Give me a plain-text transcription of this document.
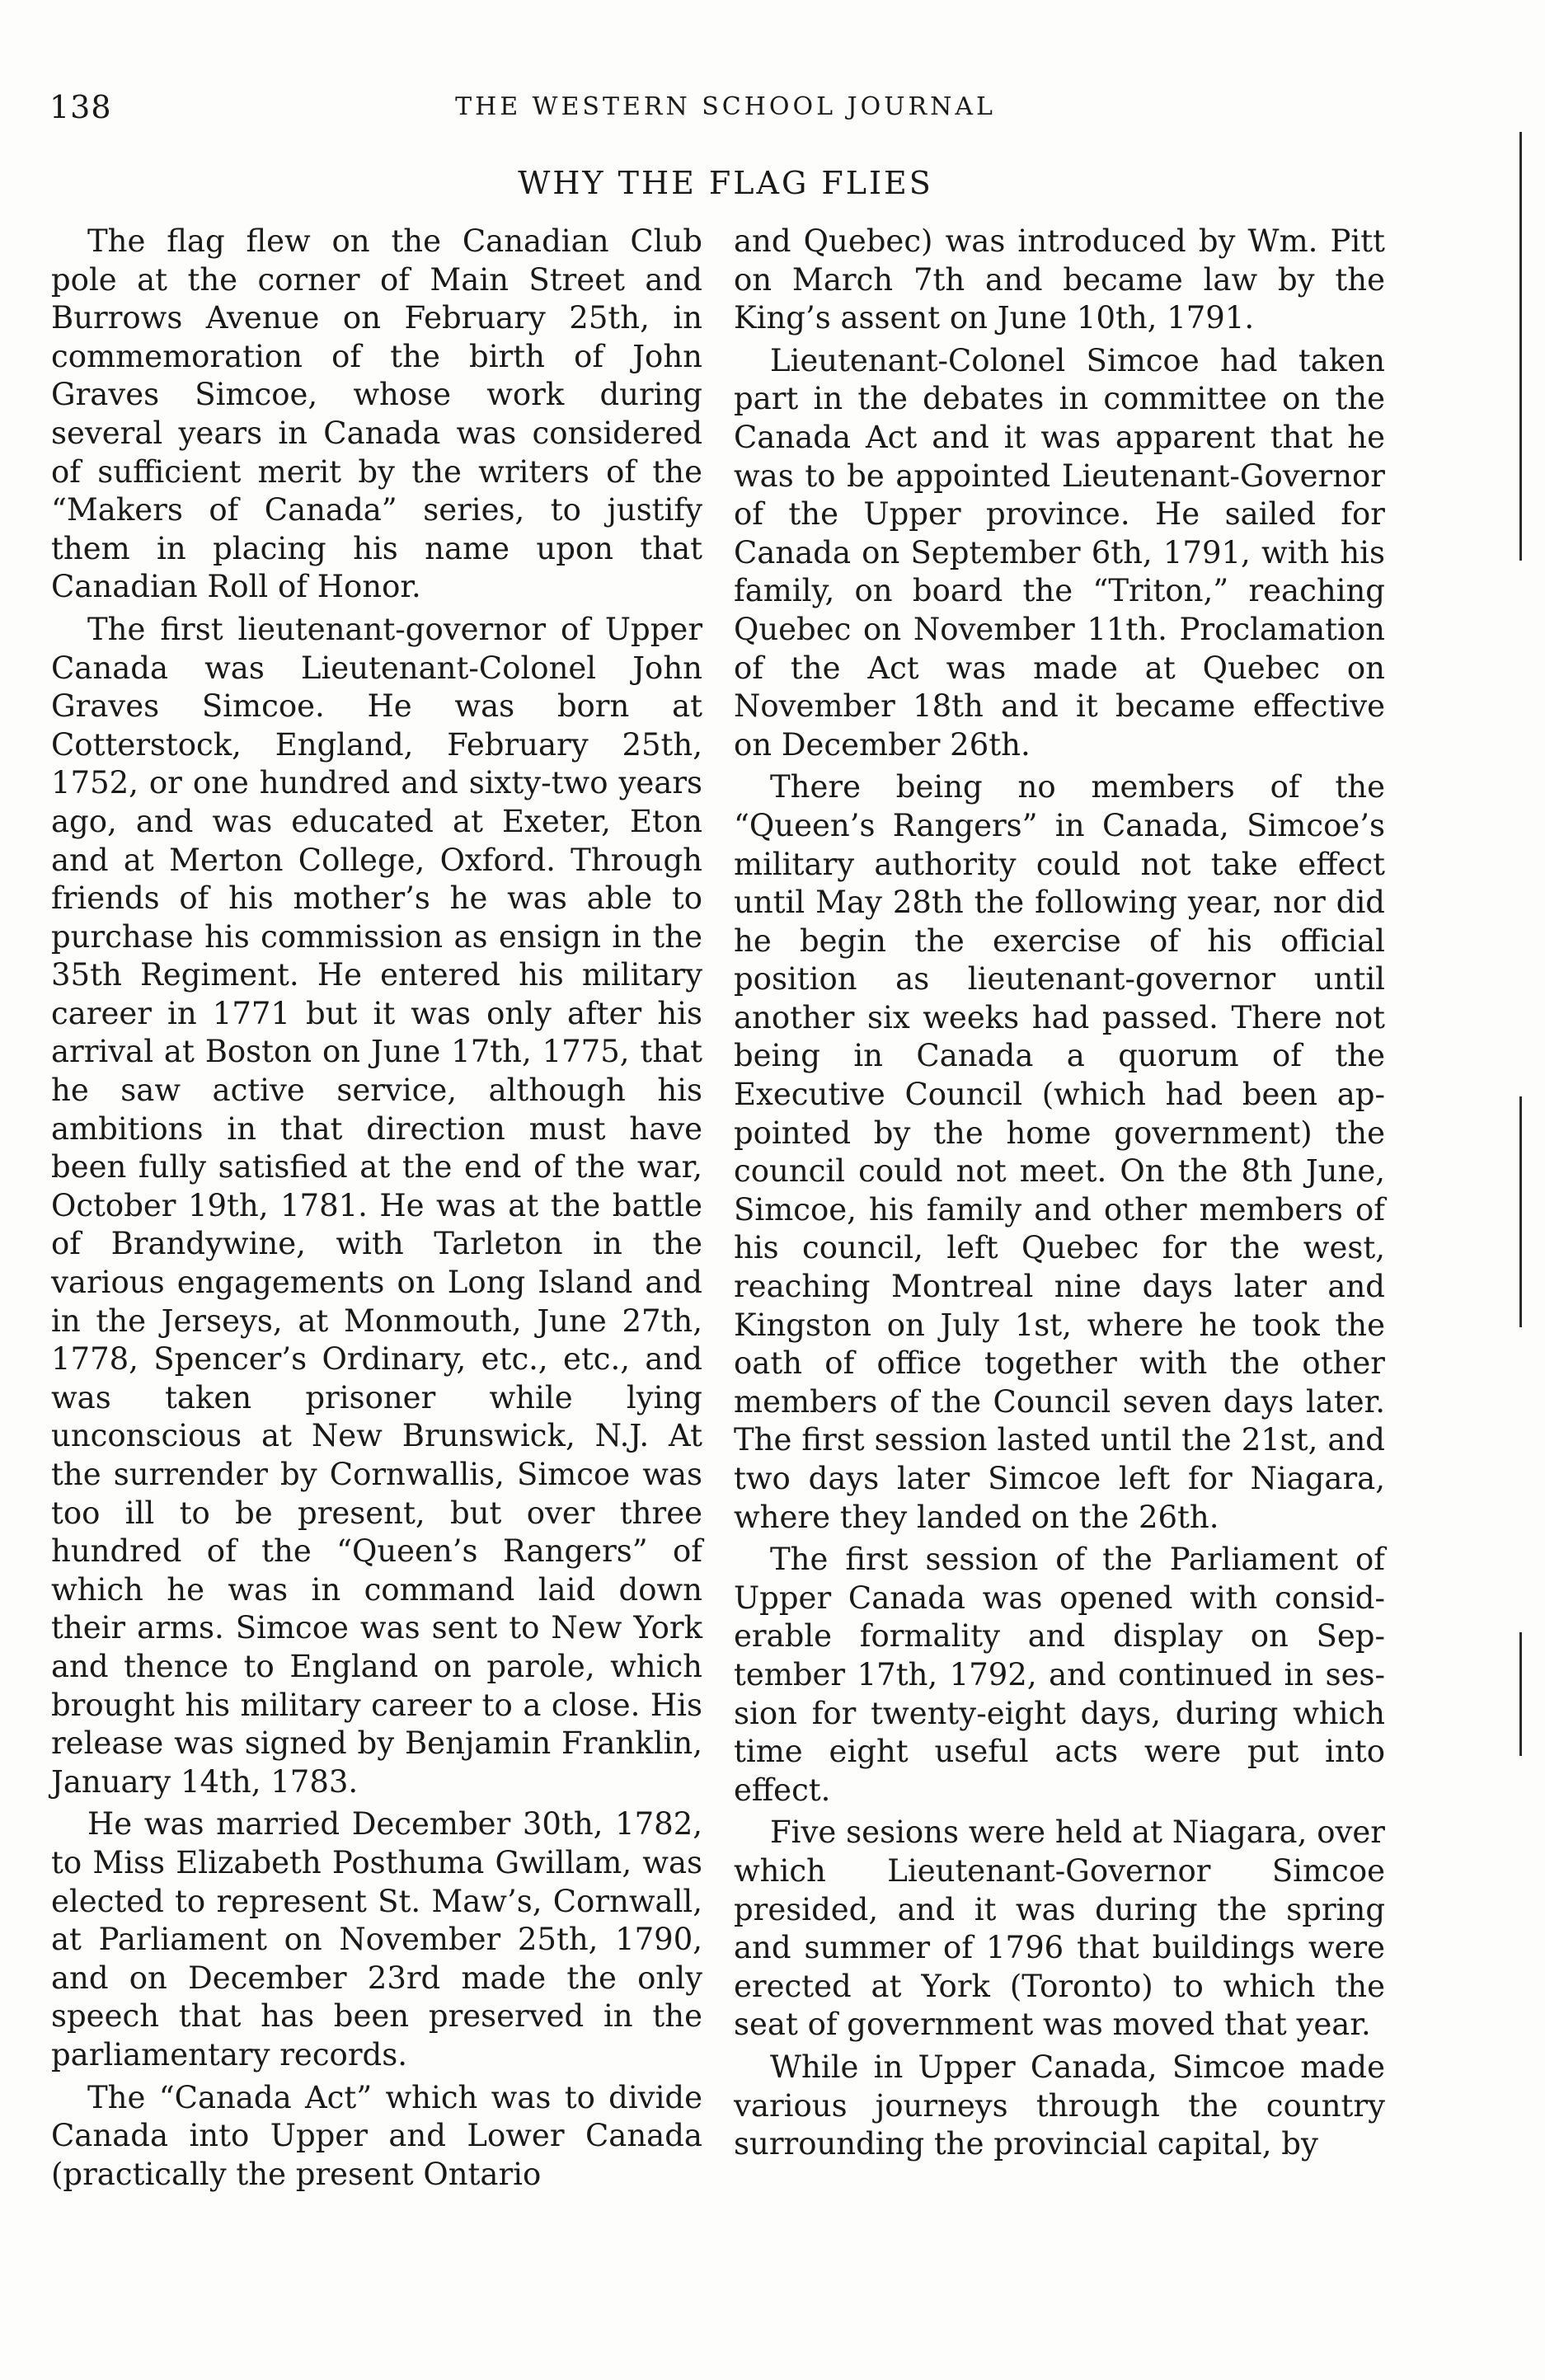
138	THE WESTERN SCHOOL JOURNAL
WHY THE FLAG FLIES

The flag flew on the Canadian Club pole at the corner of Main Street and Burrows Avenue on February 25th, in commemoration of the birth of John Graves Simcoe, whose work during several years in Canada was considered of sufficient merit by the writers of the “Makers of Canada” series, to justify them in placing his name upon that Canadian Roll of Honor.

The first lieutenant-governor of Upper Canada was Lieutenant-Colonel John Graves Simcoe. He was born at Cotterstock, England, February 25th, 1752, or one hundred and sixty-two years ago, and was educated at Exeter, Eton and at Merton College, Oxford. Through friends of his mother’s he was able to purchase his commission as ensign in the 35th Regiment. He entered his military career in 1771 but it was only after his arrival at Boston on June 17th, 1775, that he saw active service, although his ambitions in that direction must have been fully satisfied at the end of the war, October 19th, 1781. He was at the battle of Brandywine, with Tarleton in the various engagements on Long Island and in the Jerseys, at Monmouth, June 27th, 1778, Spencer’s Ordinary, etc., etc., and was taken prisoner while lying unconscious at New Brunswick, N.J. At the surrender by Cornwallis, Simcoe was too ill to be present, but over three hundred of the “Queen’s Rangers” of which he was in command laid down their arms. Simcoe was sent to New York and thence to England on parole, which brought his military career to a close. His release was signed by Benjamin Franklin, January 14th, 1783.

He was married December 30th, 1782, to Miss Elizabeth Posthuma Gwillam, was elected to represent St. Maw’s, Cornwall, at Parliament on November 25th, 1790, and on December 23rd made the only speech that has been preserved in the parliamentary records.

The “Canada Act” which was to divide Canada into Upper and Lower Canada (practically the present Ontario

and Quebec) was introduced by Wm. Pitt on March 7th and became law by the King’s assent on June 10th, 1791.

Lieutenant-Colonel Simcoe had taken part in the debates in committee on the Canada Act and it was apparent that he was to be appointed Lieutenant-Governor of the Upper province. He sailed for Canada on September 6th, 1791, with his family, on board the “Triton,” reaching Quebec on November 11th. Proclamation of the Act was made at Quebec on November 18th and it became effective on December 26th.

There being no members of the “Queen’s Rangers” in Canada, Simcoe’s military authority could not take effect until May 28th the following year, nor did he begin the exercise of his official position as lieutenant-governor until another six weeks had passed. There not being in Canada a quorum of the Executive Council (which had been appointed by the home government) the council could not meet. On the 8th June, Simcoe, his family and other members of his council, left Quebec for the west, reaching Montreal nine days later and Kingston on July 1st, where he took the oath of office together with the other members of the Council seven days later. The first session lasted until the 21st, and two days later Simcoe left for Niagara, where they landed on the 26th.

The first session of the Parliament of Upper Canada was opened with considerable formality and display on September 17th, 1792, and continued in session for twenty-eight days, during which time eight useful acts were put into effect.

Five sesions were held at Niagara, over which Lieutenant-Governor Simcoe presided, and it was during the spring and summer of 1796 that buildings were erected at York (Toronto) to which the seat of government was moved that year.

While in Upper Canada, Simcoe made various journeys through the country surrounding the provincial capital, by
